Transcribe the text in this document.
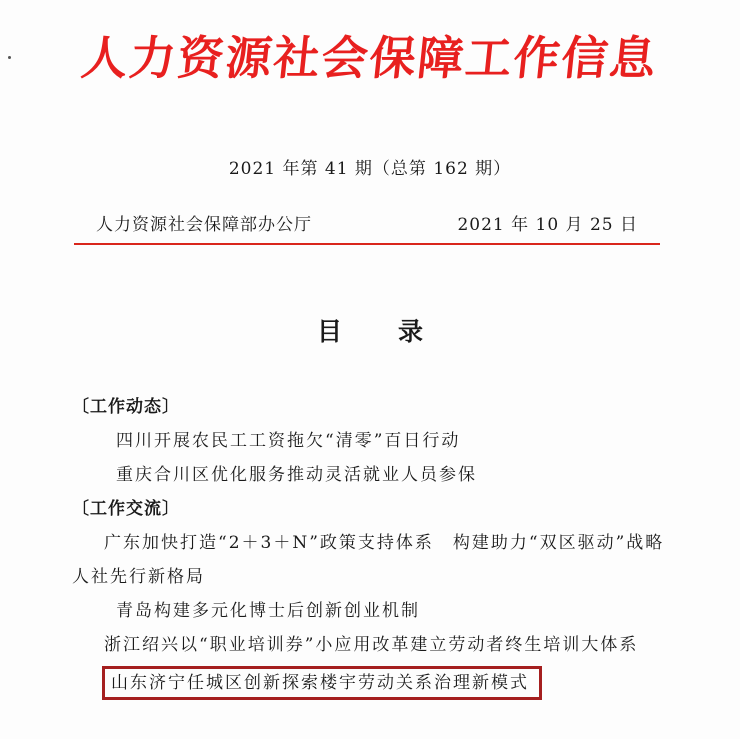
人力资源社会保障工作信息
2021 年第 41 期（总第 162 期）
人力资源社会保障部办公厅	2021 年 10 月 25 日
目录
〔工作动态〕
四川开展农民工工资拖欠“清零”百日行动
重庆合川区优化服务推动灵活就业人员参保
〔工作交流〕
广东加快打造“2＋3＋N”政策支持体系　构建助力“双区驱动”战略人社先行新格局
青岛构建多元化博士后创新创业机制
浙江绍兴以“职业培训券”小应用改革建立劳动者终生培训大体系
山东济宁任城区创新探索楼宇劳动关系治理新模式
